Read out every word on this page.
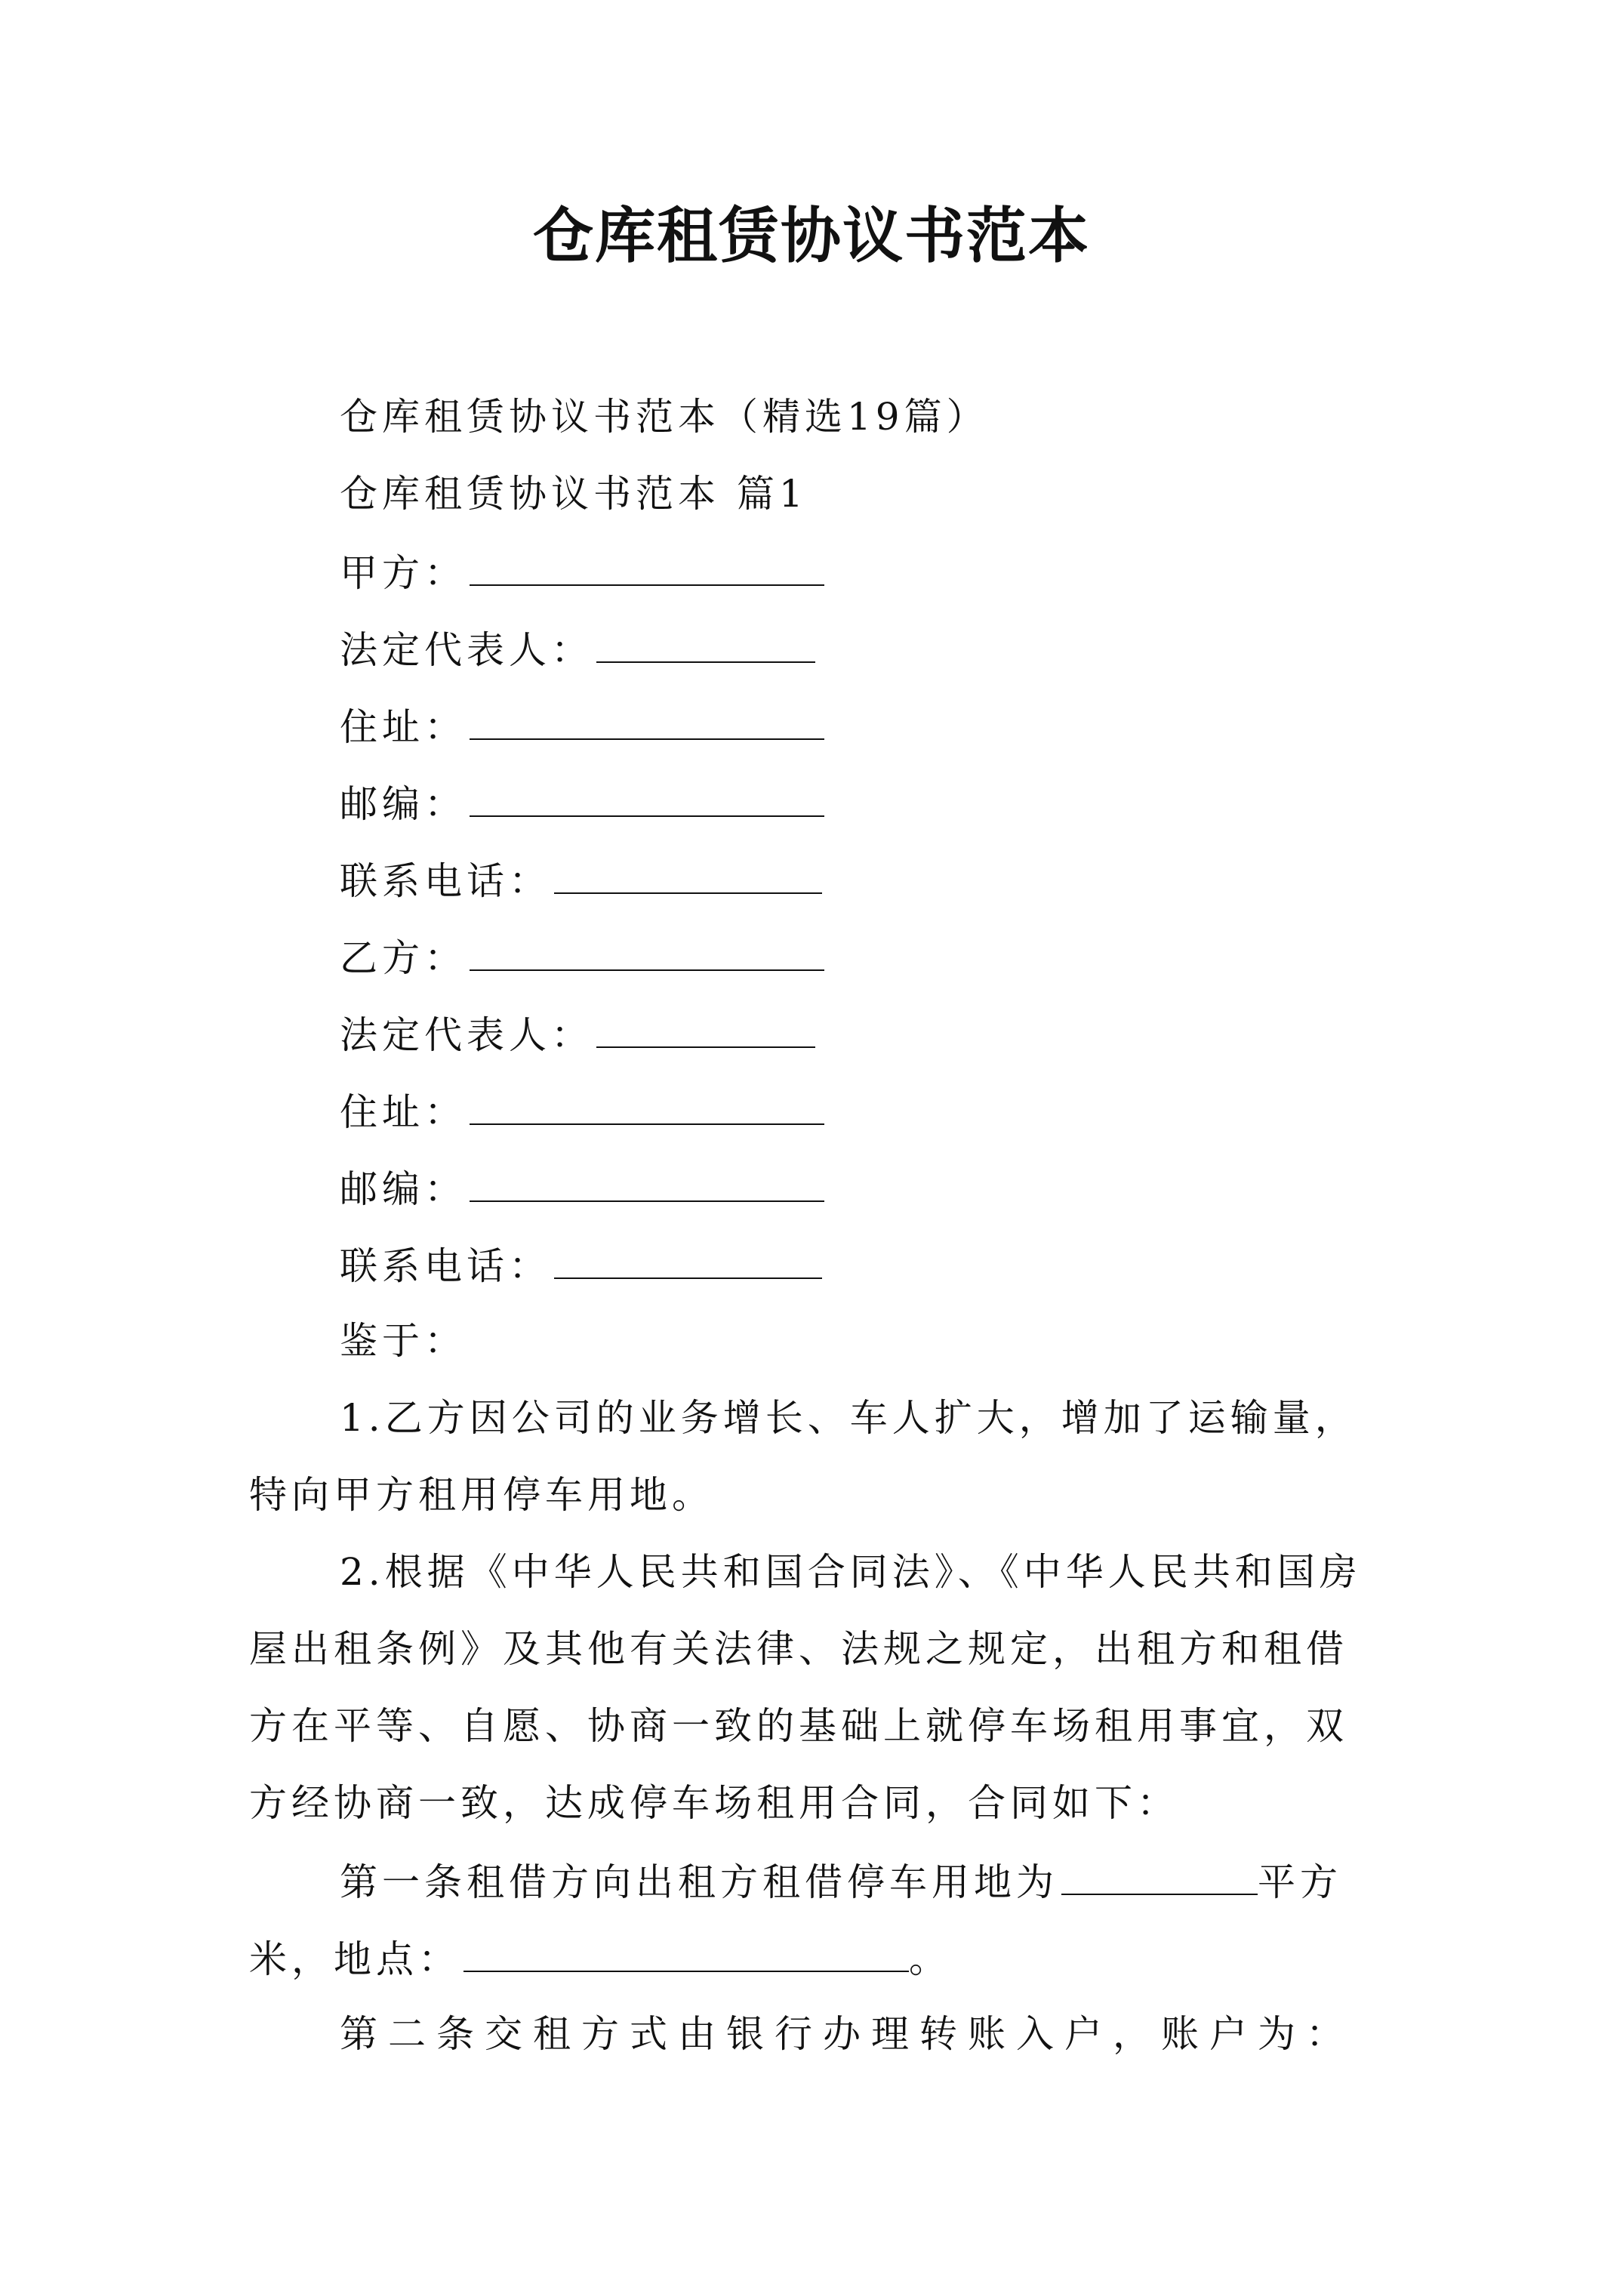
仓库租赁协议书范本

仓库租赁协议书范本（精选19篇）

仓库租赁协议书范本 篇1

甲方：

法定代表人：

住址：

邮编：

联系电话：

乙方：

法定代表人：

住址：

邮编：

联系电话：

鉴于：

1.乙方因公司的业务增长、车人扩大，增加了运输量，

特向甲方租用停车用地。

2.根据《中华人民共和国合同法》、《中华人民共和国房

屋出租条例》及其他有关法律、法规之规定，出租方和租借

方在平等、自愿、协商一致的基础上就停车场租用事宜，双

方经协商一致，达成停车场租用合同，合同如下：

第一条租借方向出租方租借停车用地为	平方

米，地点：	。

第二条交租方式由银行办理转账入户，账户为：
